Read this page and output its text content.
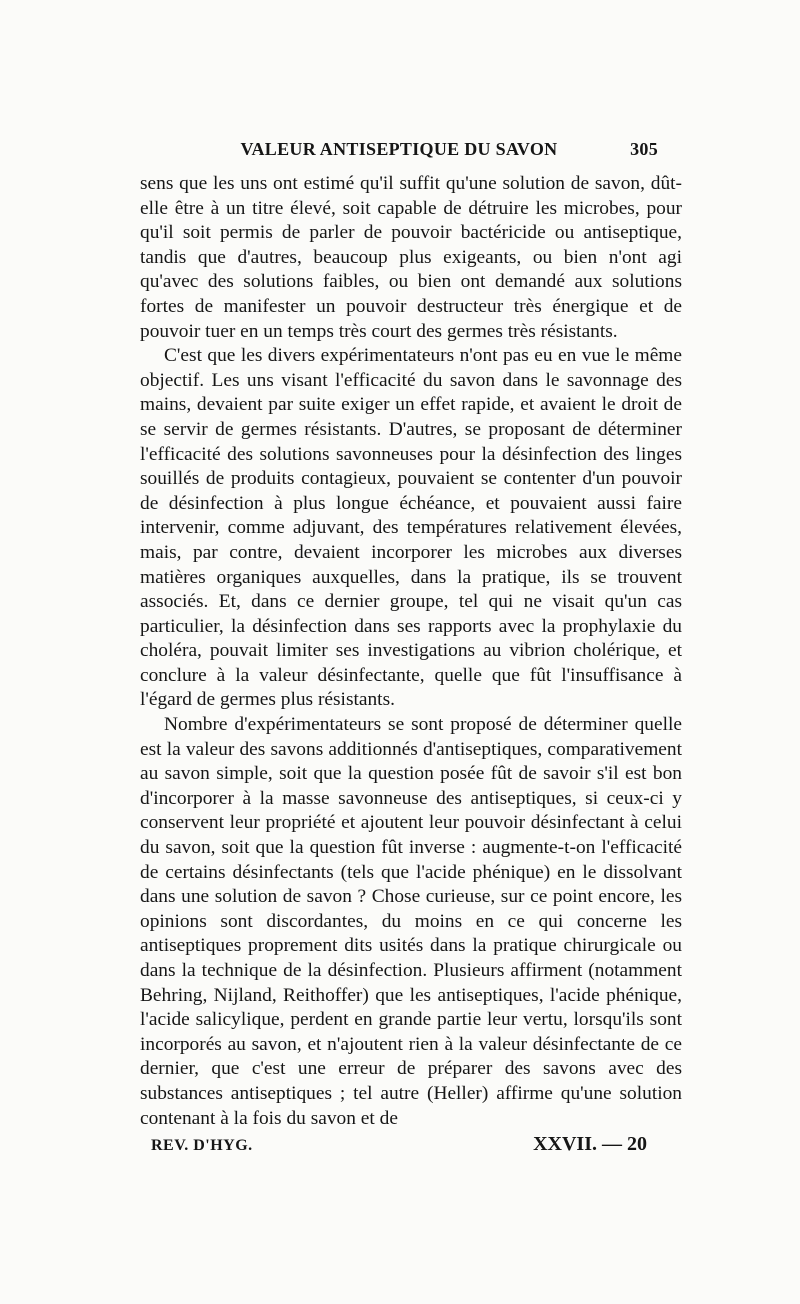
VALEUR ANTISEPTIQUE DU SAVON	305

sens que les uns ont estimé qu'il suffit qu'une solution de savon, dût-elle être à un titre élevé, soit capable de détruire les microbes, pour qu'il soit permis de parler de pouvoir bactéricide ou antiseptique, tandis que d'autres, beaucoup plus exigeants, ou bien n'ont agi qu'avec des solutions faibles, ou bien ont demandé aux solutions fortes de manifester un pouvoir destructeur très énergique et de pouvoir tuer en un temps très court des germes très résistants.

C'est que les divers expérimentateurs n'ont pas eu en vue le même objectif. Les uns visant l'efficacité du savon dans le savonnage des mains, devaient par suite exiger un effet rapide, et avaient le droit de se servir de germes résistants. D'autres, se proposant de déterminer l'efficacité des solutions savonneuses pour la désinfection des linges souillés de produits contagieux, pouvaient se contenter d'un pouvoir de désinfection à plus longue échéance, et pouvaient aussi faire intervenir, comme adjuvant, des températures relativement élevées, mais, par contre, devaient incorporer les microbes aux diverses matières organiques auxquelles, dans la pratique, ils se trouvent associés. Et, dans ce dernier groupe, tel qui ne visait qu'un cas particulier, la désinfection dans ses rapports avec la prophylaxie du choléra, pouvait limiter ses investigations au vibrion cholérique, et conclure à la valeur désinfectante, quelle que fût l'insuffisance à l'égard de germes plus résistants.

Nombre d'expérimentateurs se sont proposé de déterminer quelle est la valeur des savons additionnés d'antiseptiques, comparativement au savon simple, soit que la question posée fût de savoir s'il est bon d'incorporer à la masse savonneuse des antiseptiques, si ceux-ci y conservent leur propriété et ajoutent leur pouvoir désinfectant à celui du savon, soit que la question fût inverse : augmente-t-on l'efficacité de certains désinfectants (tels que l'acide phénique) en le dissolvant dans une solution de savon ? Chose curieuse, sur ce point encore, les opinions sont discordantes, du moins en ce qui concerne les antiseptiques proprement dits usités dans la pratique chirurgicale ou dans la technique de la désinfection. Plusieurs affirment (notamment Behring, Nijland, Reithoffer) que les antiseptiques, l'acide phénique, l'acide salicylique, perdent en grande partie leur vertu, lorsqu'ils sont incorporés au savon, et n'ajoutent rien à la valeur désinfectante de ce dernier, que c'est une erreur de préparer des savons avec des substances antiseptiques ; tel autre (Heller) affirme qu'une solution contenant à la fois du savon et de

REV. D'HYG.	XXVII. — 20
